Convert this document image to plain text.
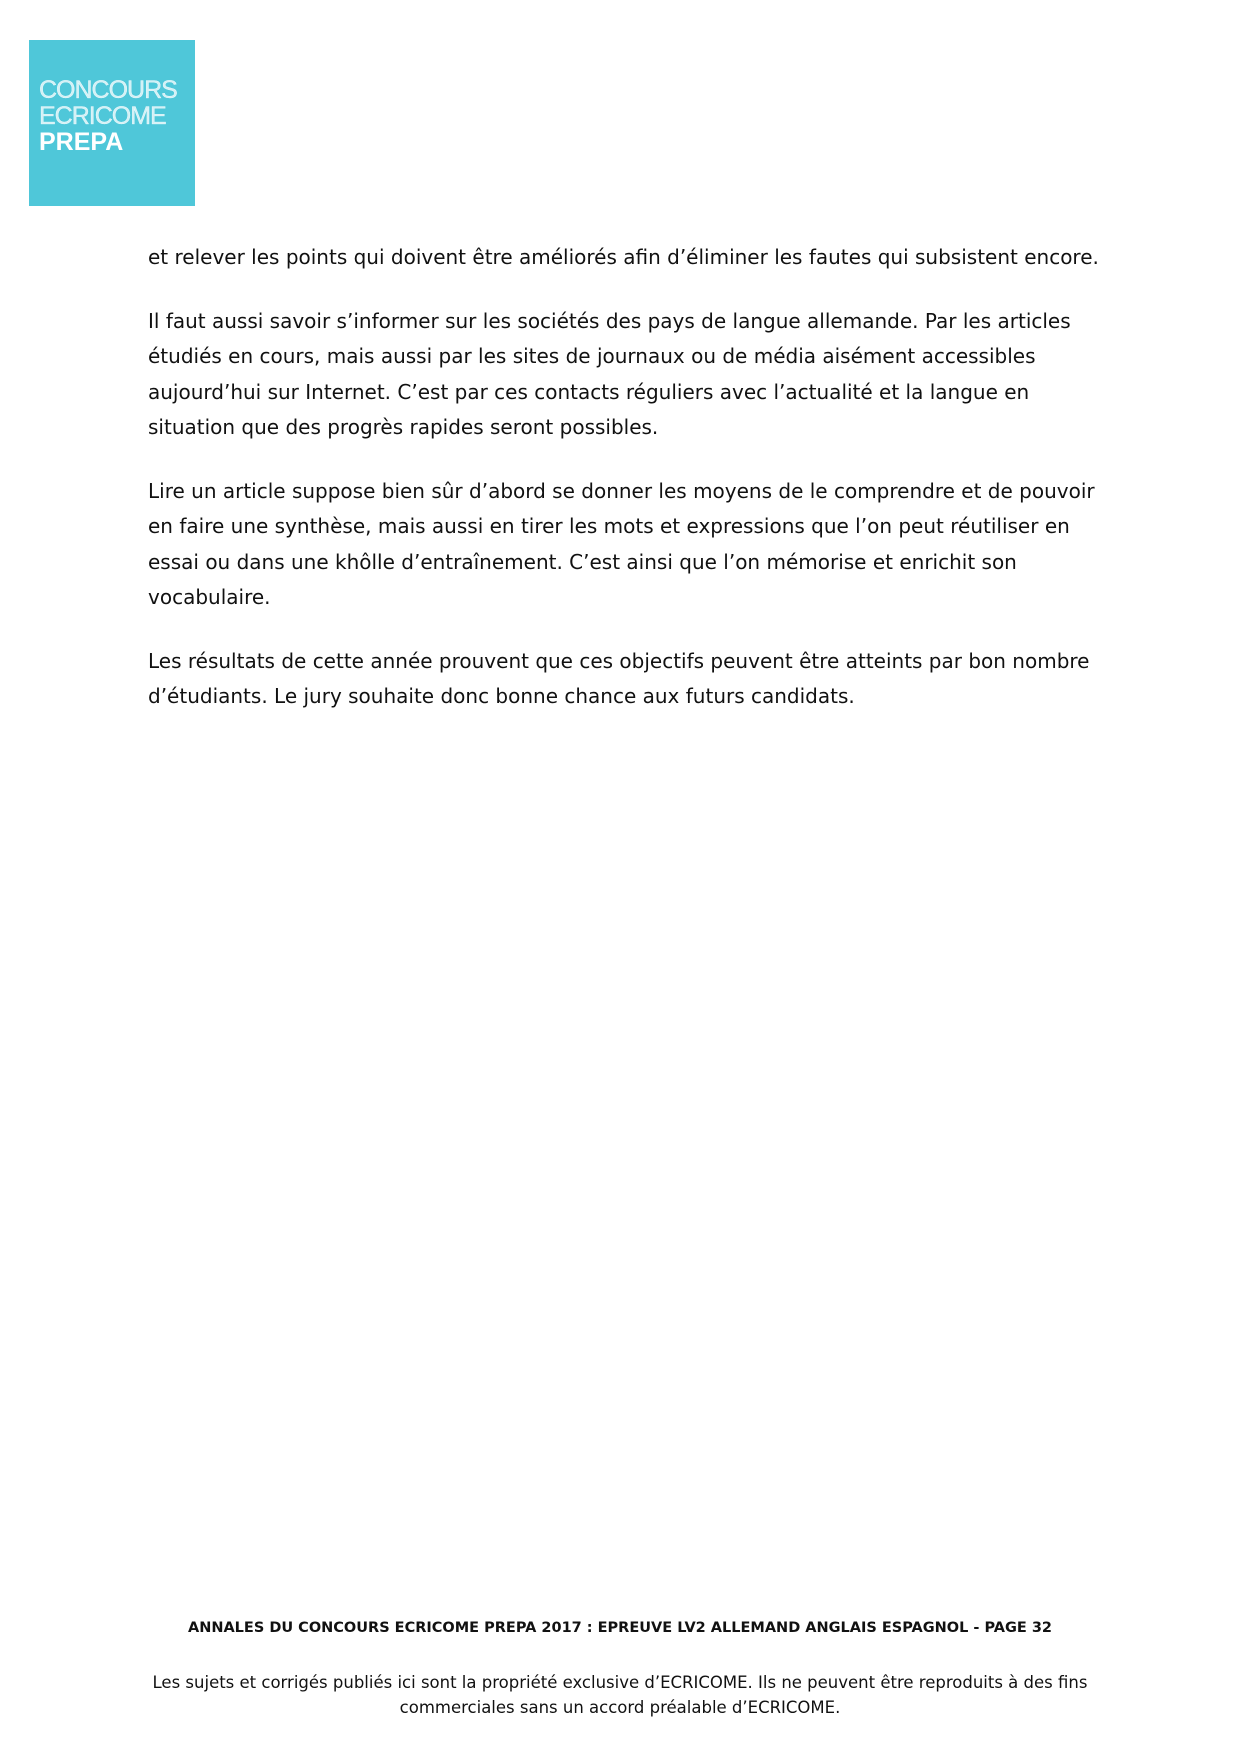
CONCOURS
ECRICOME
PREPA

et relever les points qui doivent être améliorés afin d’éliminer les fautes qui subsistent encore.

Il faut aussi savoir s’informer sur les sociétés des pays de langue allemande. Par les articles étudiés en cours, mais aussi par les sites de journaux ou de média aisément accessibles aujourd’hui sur Internet. C’est par ces contacts réguliers avec l’actualité et la langue en situation que des progrès rapides seront possibles.

Lire un article suppose bien sûr d’abord se donner les moyens de le comprendre et de pouvoir en faire une synthèse, mais aussi en tirer les mots et expressions que l’on peut réutiliser en essai ou dans une khôlle d’entraînement. C’est ainsi que l’on mémorise et enrichit son vocabulaire.

Les résultats de cette année prouvent que ces objectifs peuvent être atteints par bon nombre d’étudiants. Le jury souhaite donc bonne chance aux futurs candidats.

ANNALES DU CONCOURS ECRICOME PREPA 2017 : EPREUVE LV2 ALLEMAND ANGLAIS ESPAGNOL - PAGE 32
Les sujets et corrigés publiés ici sont la propriété exclusive d’ECRICOME. Ils ne peuvent être reproduits à des fins commerciales sans un accord préalable d’ECRICOME.
